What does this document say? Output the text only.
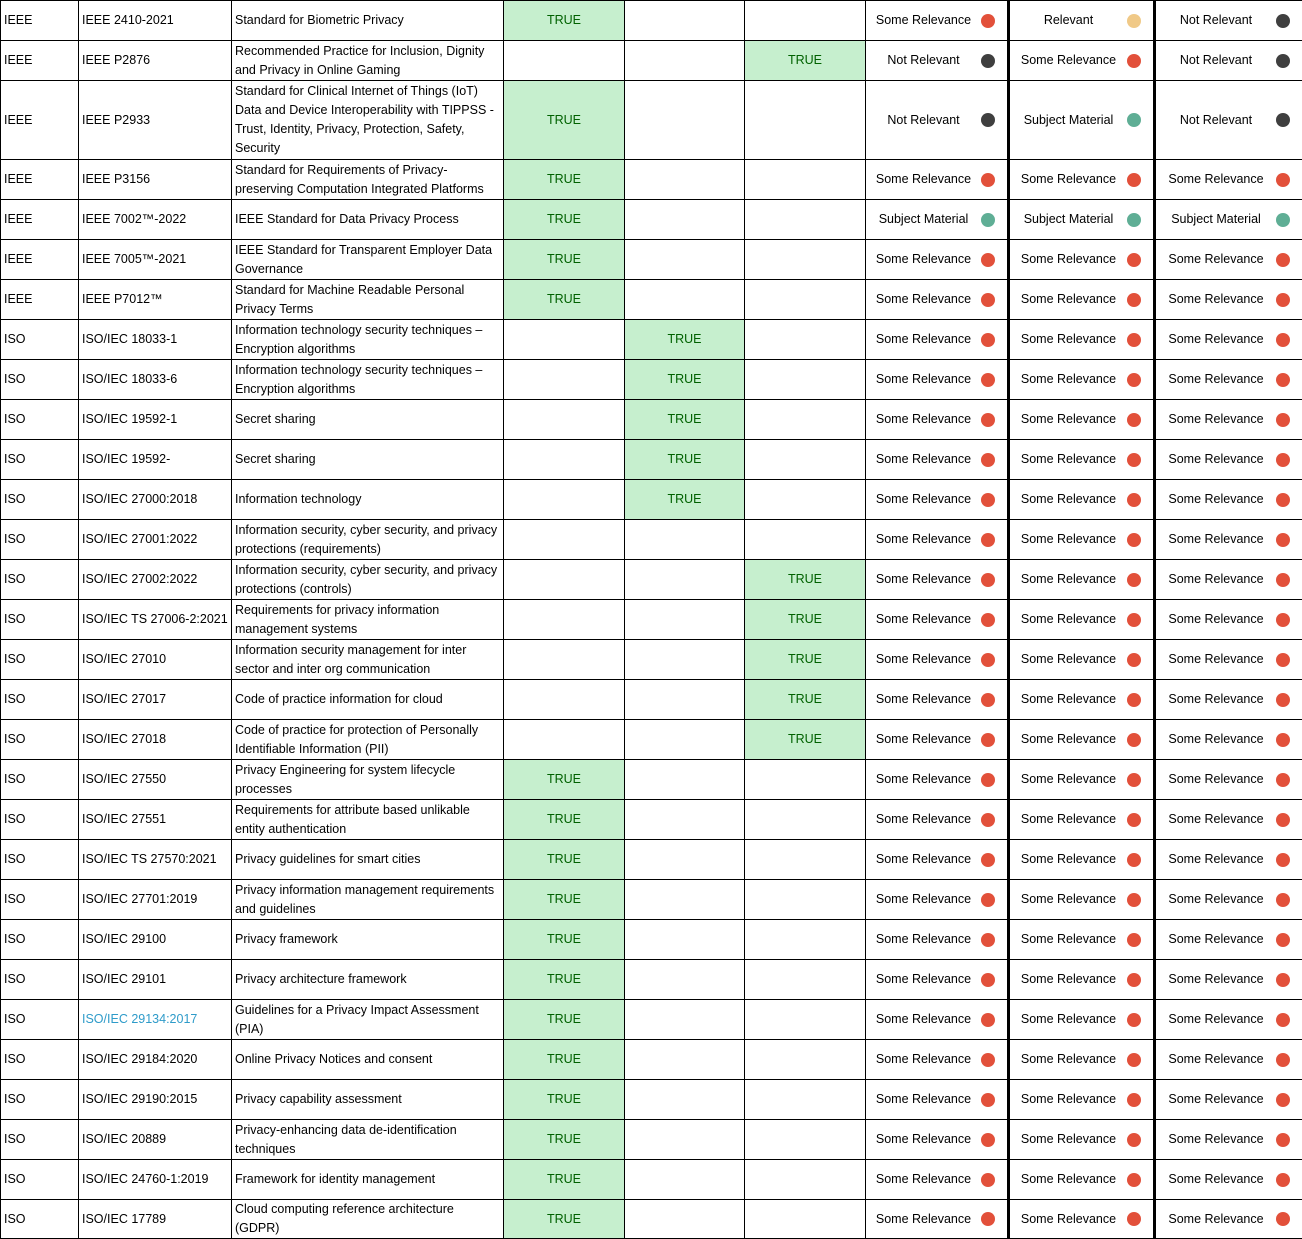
IEEE	IEEE 2410-2021	Standard for Biometric Privacy	TRUE			Some Relevance	Relevant	Not Relevant

IEEE	IEEE P2876	Recommended Practice for Inclusion, Dignity and Privacy in Online Gaming			TRUE	Not Relevant	Some Relevance	Not Relevant

IEEE	IEEE P2933	Standard for Clinical Internet of Things (IoT) Data and Device Interoperability with TIPPSS - Trust, Identity, Privacy, Protection, Safety, Security	TRUE			Not Relevant	Subject Material	Not Relevant

IEEE	IEEE P3156	Standard for Requirements of Privacy-preserving Computation Integrated Platforms	TRUE			Some Relevance	Some Relevance	Some Relevance

IEEE	IEEE 7002™-2022	IEEE Standard for Data Privacy Process	TRUE			Subject Material	Subject Material	Subject Material

IEEE	IEEE 7005™-2021	IEEE Standard for Transparent Employer Data Governance	TRUE			Some Relevance	Some Relevance	Some Relevance

IEEE	IEEE P7012™	Standard for Machine Readable Personal Privacy Terms	TRUE			Some Relevance	Some Relevance	Some Relevance

ISO	ISO/IEC 18033-1	Information technology security techniques – Encryption algorithms		TRUE		Some Relevance	Some Relevance	Some Relevance

ISO	ISO/IEC 18033-6	Information technology security techniques – Encryption algorithms		TRUE		Some Relevance	Some Relevance	Some Relevance

ISO	ISO/IEC 19592-1	Secret sharing		TRUE		Some Relevance	Some Relevance	Some Relevance

ISO	ISO/IEC 19592-	Secret sharing		TRUE		Some Relevance	Some Relevance	Some Relevance

ISO	ISO/IEC 27000:2018	Information technology		TRUE		Some Relevance	Some Relevance	Some Relevance

ISO	ISO/IEC 27001:2022	Information security, cyber security, and privacy protections (requirements)				Some Relevance	Some Relevance	Some Relevance

ISO	ISO/IEC 27002:2022	Information security, cyber security, and privacy protections (controls)			TRUE	Some Relevance	Some Relevance	Some Relevance

ISO	ISO/IEC TS 27006-2:2021	Requirements for privacy information management systems			TRUE	Some Relevance	Some Relevance	Some Relevance

ISO	ISO/IEC 27010	Information security management for inter sector and inter org communication			TRUE	Some Relevance	Some Relevance	Some Relevance

ISO	ISO/IEC 27017	Code of practice information for cloud			TRUE	Some Relevance	Some Relevance	Some Relevance

ISO	ISO/IEC 27018	Code of practice for protection of Personally Identifiable Information (PII)			TRUE	Some Relevance	Some Relevance	Some Relevance

ISO	ISO/IEC 27550	Privacy Engineering for system lifecycle processes	TRUE			Some Relevance	Some Relevance	Some Relevance

ISO	ISO/IEC 27551	Requirements for attribute based unlikable entity authentication	TRUE			Some Relevance	Some Relevance	Some Relevance

ISO	ISO/IEC TS 27570:2021	Privacy guidelines for smart cities	TRUE			Some Relevance	Some Relevance	Some Relevance

ISO	ISO/IEC 27701:2019	Privacy information management requirements and guidelines	TRUE			Some Relevance	Some Relevance	Some Relevance

ISO	ISO/IEC 29100	Privacy framework	TRUE			Some Relevance	Some Relevance	Some Relevance

ISO	ISO/IEC 29101	Privacy architecture framework	TRUE			Some Relevance	Some Relevance	Some Relevance

ISO	ISO/IEC 29134:2017	Guidelines for a Privacy Impact Assessment (PIA)	TRUE			Some Relevance	Some Relevance	Some Relevance

ISO	ISO/IEC 29184:2020	Online Privacy Notices and consent	TRUE			Some Relevance	Some Relevance	Some Relevance

ISO	ISO/IEC 29190:2015	Privacy capability assessment	TRUE			Some Relevance	Some Relevance	Some Relevance

ISO	ISO/IEC 20889	Privacy-enhancing data de-identification techniques	TRUE			Some Relevance	Some Relevance	Some Relevance

ISO	ISO/IEC 24760-1:2019	Framework for identity management	TRUE			Some Relevance	Some Relevance	Some Relevance

ISO	ISO/IEC 17789	Cloud computing reference architecture (GDPR)	TRUE			Some Relevance	Some Relevance	Some Relevance
